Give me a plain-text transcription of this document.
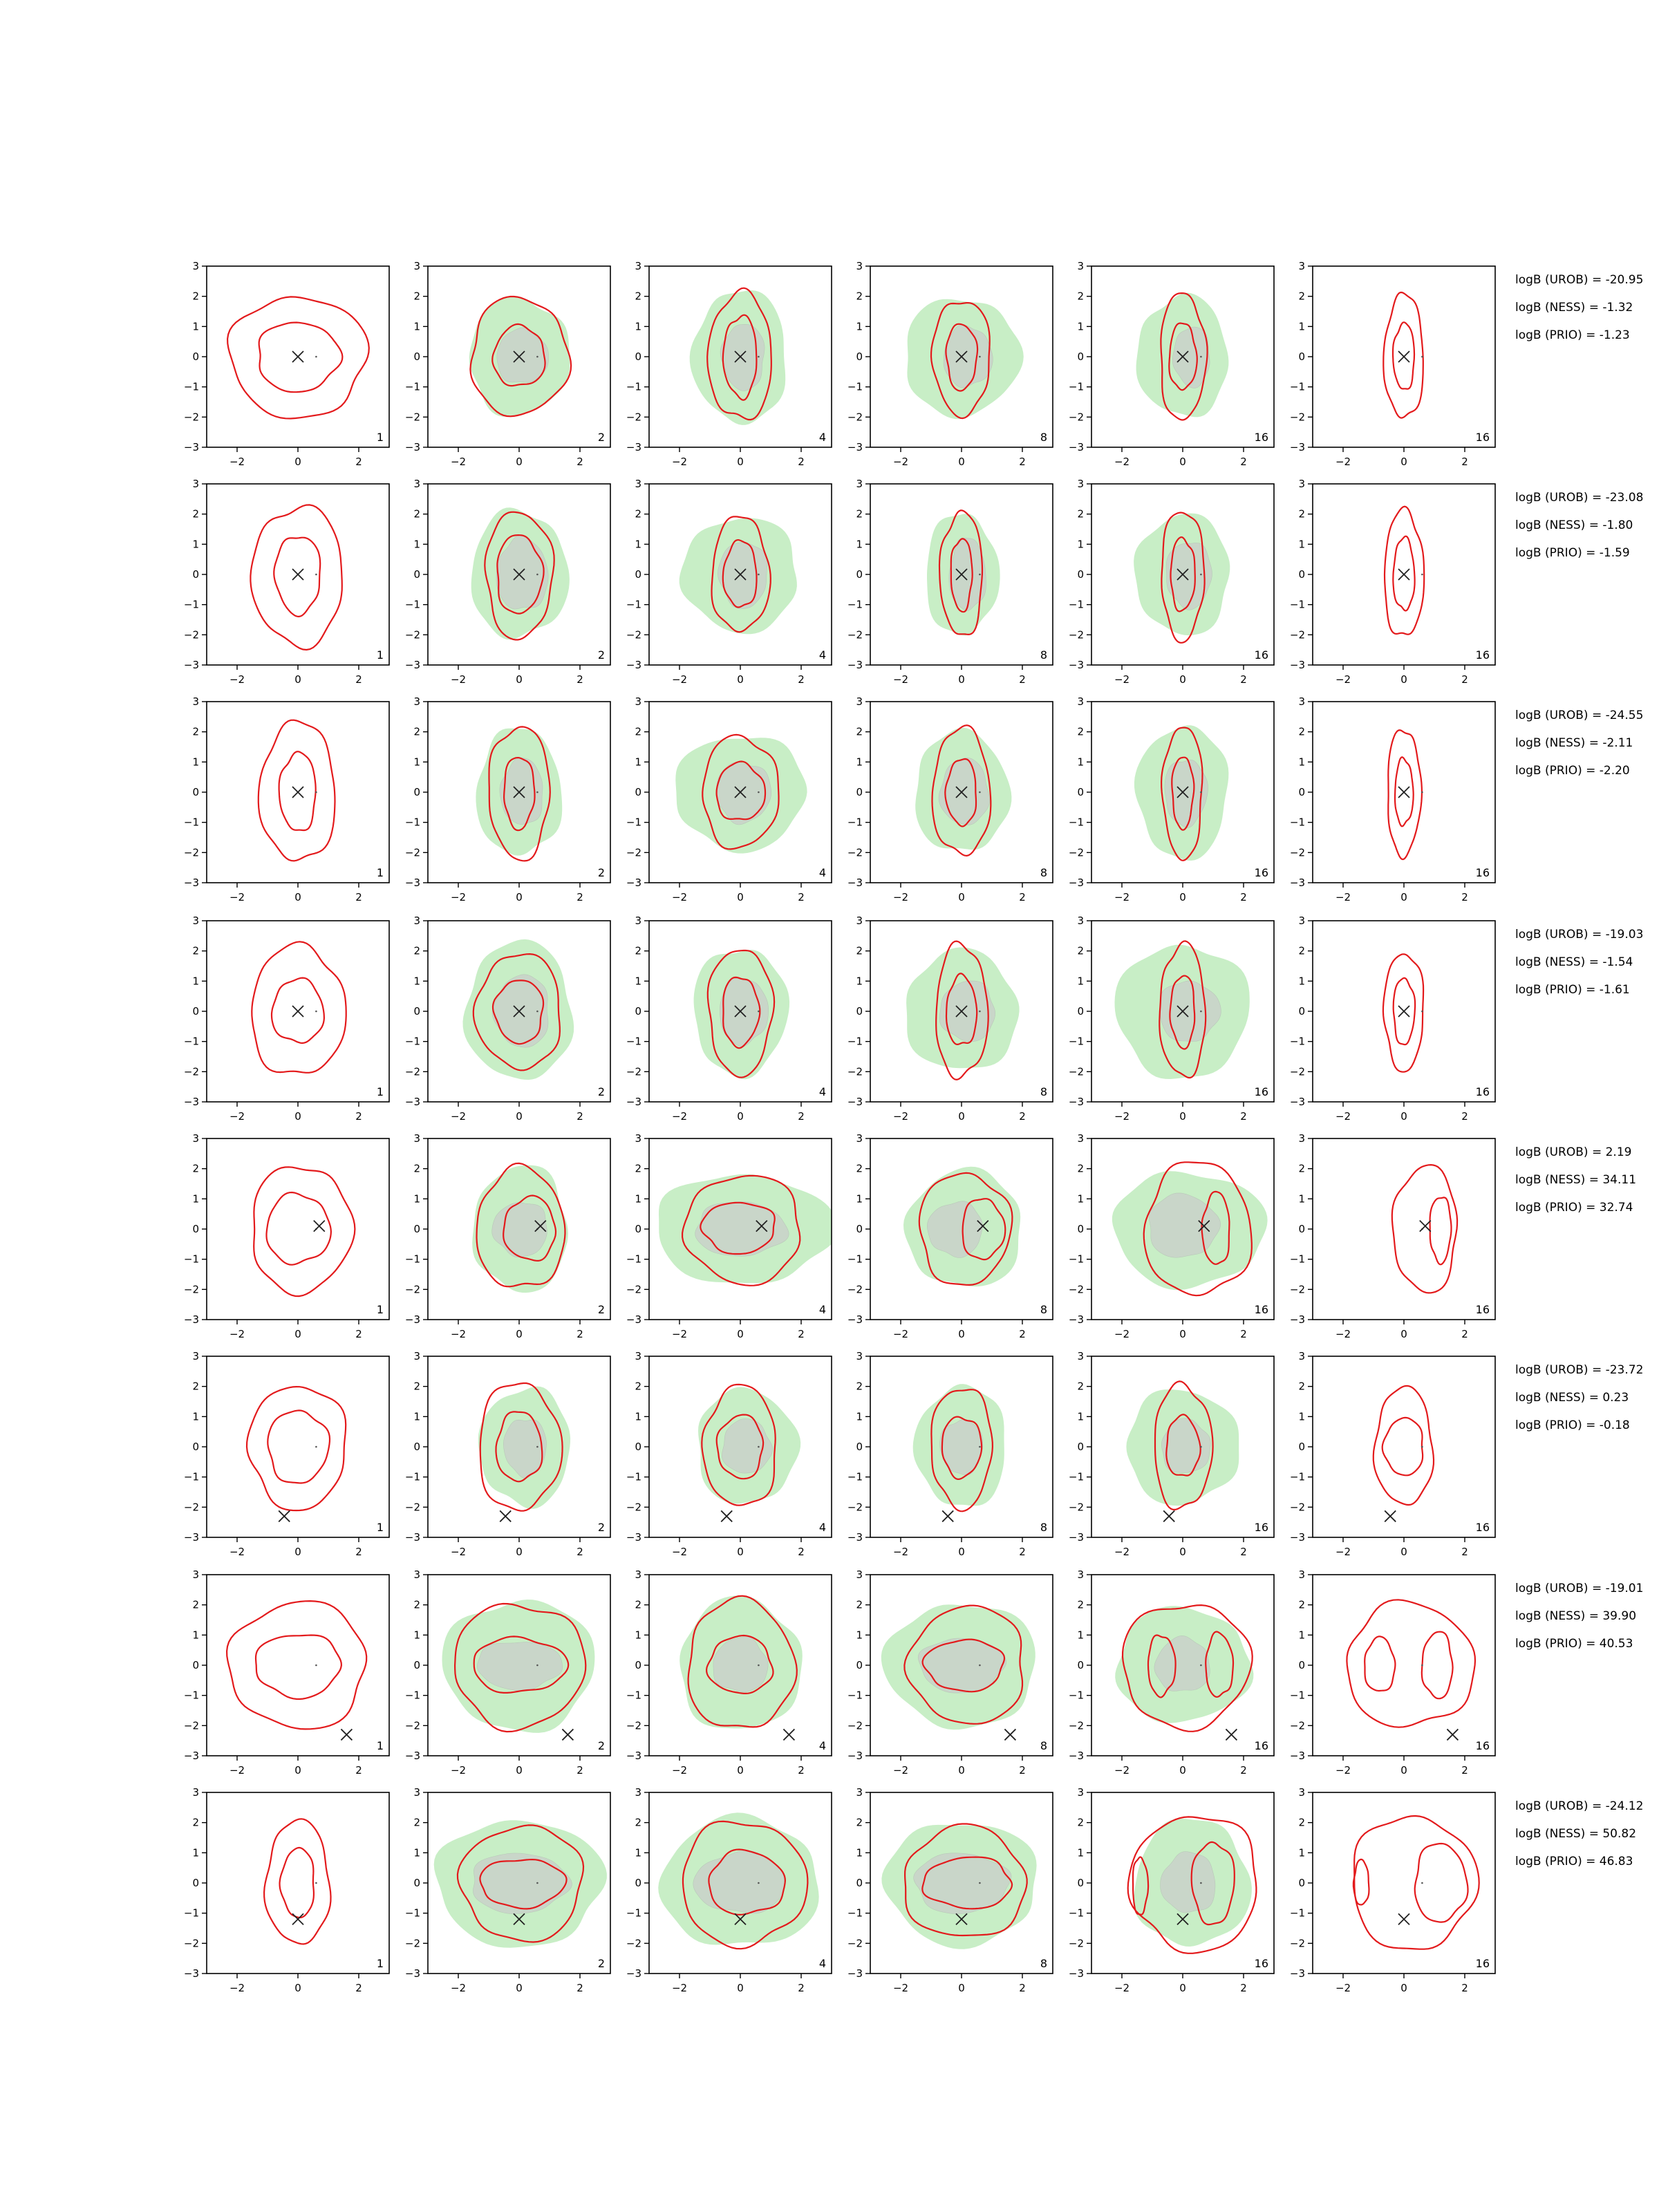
−3
−2
−1
0
1
2
3
−2	0	2
1
−3
−2
−1
0
1
2
3
−2	0	2
2
−3
−2
−1
0
1
2
3
−2	0	2
4
−3
−2
−1
0
1
2
3
−2	0	2
8
−3
−2
−1
0
1
2
3
−2	0	2
16
−3
−2
−1
0
1
2
3
−2	0	2
16
logB (UROB) = -20.95
logB (NESS) = -1.32
logB (PRIO) = -1.23
−3
−2
−1
0
1
2
3
−2	0	2
1
−3
−2
−1
0
1
2
3
−2	0	2
2
−3
−2
−1
0
1
2
3
−2	0	2
4
−3
−2
−1
0
1
2
3
−2	0	2
8
−3
−2
−1
0
1
2
3
−2	0	2
16
−3
−2
−1
0
1
2
3
−2	0	2
16
logB (UROB) = -23.08
logB (NESS) = -1.80
logB (PRIO) = -1.59
−3
−2
−1
0
1
2
3
−2	0	2
1
−3
−2
−1
0
1
2
3
−2	0	2
2
−3
−2
−1
0
1
2
3
−2	0	2
4
−3
−2
−1
0
1
2
3
−2	0	2
8
−3
−2
−1
0
1
2
3
−2	0	2
16
−3
−2
−1
0
1
2
3
−2	0	2
16
logB (UROB) = -24.55
logB (NESS) = -2.11
logB (PRIO) = -2.20
−3
−2
−1
0
1
2
3
−2	0	2
1
−3
−2
−1
0
1
2
3
−2	0	2
2
−3
−2
−1
0
1
2
3
−2	0	2
4
−3
−2
−1
0
1
2
3
−2	0	2
8
−3
−2
−1
0
1
2
3
−2	0	2
16
−3
−2
−1
0
1
2
3
−2	0	2
16
logB (UROB) = -19.03
logB (NESS) = -1.54
logB (PRIO) = -1.61
−3
−2
−1
0
1
2
3
−2	0	2
1
−3
−2
−1
0
1
2
3
−2	0	2
2
−3
−2
−1
0
1
2
3
−2	0	2
4
−3
−2
−1
0
1
2
3
−2	0	2
8
−3
−2
−1
0
1
2
3
−2	0	2
16
−3
−2
−1
0
1
2
3
−2	0	2
16
logB (UROB) = 2.19
logB (NESS) = 34.11
logB (PRIO) = 32.74
−3
−2
−1
0
1
2
3
−2	0	2
1
−3
−2
−1
0
1
2
3
−2	0	2
2
−3
−2
−1
0
1
2
3
−2	0	2
4
−3
−2
−1
0
1
2
3
−2	0	2
8
−3
−2
−1
0
1
2
3
−2	0	2
16
−3
−2
−1
0
1
2
3
−2	0	2
16
logB (UROB) = -23.72
logB (NESS) = 0.23
logB (PRIO) = -0.18
−3
−2
−1
0
1
2
3
−2	0	2
1
−3
−2
−1
0
1
2
3
−2	0	2
2
−3
−2
−1
0
1
2
3
−2	0	2
4
−3
−2
−1
0
1
2
3
−2	0	2
8
−3
−2
−1
0
1
2
3
−2	0	2
16
−3
−2
−1
0
1
2
3
−2	0	2
16
logB (UROB) = -19.01
logB (NESS) = 39.90
logB (PRIO) = 40.53
−3
−2
−1
0
1
2
3
−2	0	2
1
−3
−2
−1
0
1
2
3
−2	0	2
2
−3
−2
−1
0
1
2
3
−2	0	2
4
−3
−2
−1
0
1
2
3
−2	0	2
8
−3
−2
−1
0
1
2
3
−2	0	2
16
−3
−2
−1
0
1
2
3
−2	0	2
16
logB (UROB) = -24.12
logB (NESS) = 50.82
logB (PRIO) = 46.83
